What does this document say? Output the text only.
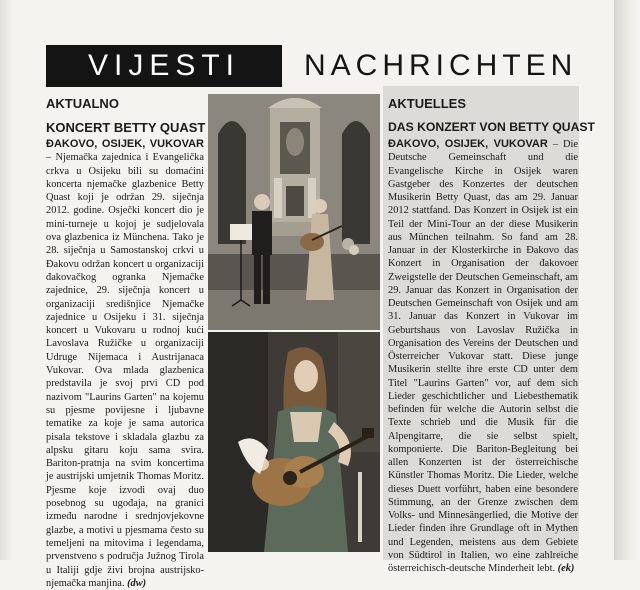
VIJESTI NACHRICHTEN
AKTUALNO
KONCERT BETTY QUAST
AKTUELLES
DAS KONZERT VON BETTY QUAST
ĐAKOVO, OSIJEK, VUKOVAR – Njemačka zajednica i Evangelička crkva u Osijeku bili su domaćini koncerta njemačke glazbenice Betty Quast koji je održan 29. siječnja 2012. godine. Osječki koncert dio je mini-turneje u kojoj je sudjelovala ova glazbenica iz Münchena. Tako je 28. siječnja u Samostanskoj crkvi u Đakovu održan koncert u organizaciji đakovačkog ogranka Njemačke zajednice, 29. siječnja koncert u organizaciji središnjice Njemačke zajednice u Osijeku i 31. siječnja koncert u Vukovaru u rodnoj kući Lavoslava Ružičke u organizaciji Udruge Nijemaca i Austrijanaca Vukovar. Ova mlada glazbenica predstavila je svoj prvi CD pod nazivom "Laurins Garten" na kojemu su pjesme povijesne i ljubavne tematike za koje je sama autorica pisala tekstove i skladala glazbu za alpsku gitaru koju sama svira. Bariton-pratnja na svim koncertima je austrijski umjetnik Thomas Moritz. Pjesme koje izvodi ovaj duo posebnog su ugođaja, na granici između narodne i srednjovjekovne glazbe, a motivi u pjesmama često su temeljeni na mitovima i legendama, prvenstveno s područja Južnog Tirola u Italiji gdje živi brojna austrijsko-njemačka manjina. (dw)
ĐAKOVO, OSIJEK, VUKOVAR – Die Deutsche Gemeinschaft und die Evangelische Kirche in Osijek waren Gastgeber des Konzertes der deutschen Musikerin Betty Quast, das am 29. Januar 2012 stattfand. Das Konzert in Osijek ist ein Teil der Mini-Tour an der diese Musikerin aus München teilnahm. So fand am 28. Januar in der Klosterkirche in Đakovo das Konzert in Organisation der đakovoer Zweigstelle der Deutschen Gemeinschaft, am 29. Januar das Konzert in Organisation der Deutschen Gemeinschaft von Osijek und am 31. Januar das Konzert in Vukovar im Geburtshaus von Lavoslav Ružička in Organisation des Vereins der Deutschen und Österreicher Vukovar statt. Diese junge Musikerin stellte ihre erste CD unter dem Titel "Laurins Garten" vor, auf dem sich Lieder geschichtlicher und Liebesthematik befinden für welche die Autorin selbst die Texte schrieb und die Musik für die Alpengitarre, die sie selbst spielt, komponierte. Die Bariton-Begleitung bei allen Konzerten ist der österreichische Künstler Thomas Moritz. Die Lieder, welche dieses Duett vorführt, haben eine besondere Stimmung, an der Grenze zwischen dem Volks- und Minnesängerlied, die Motive der Lieder finden ihre Grundlage oft in Mythen und Legenden, meistens aus dem Gebiete von Südtirol in Italien, wo eine zahlreiche österreichisch-deutsche Minderheit lebt. (ek)
